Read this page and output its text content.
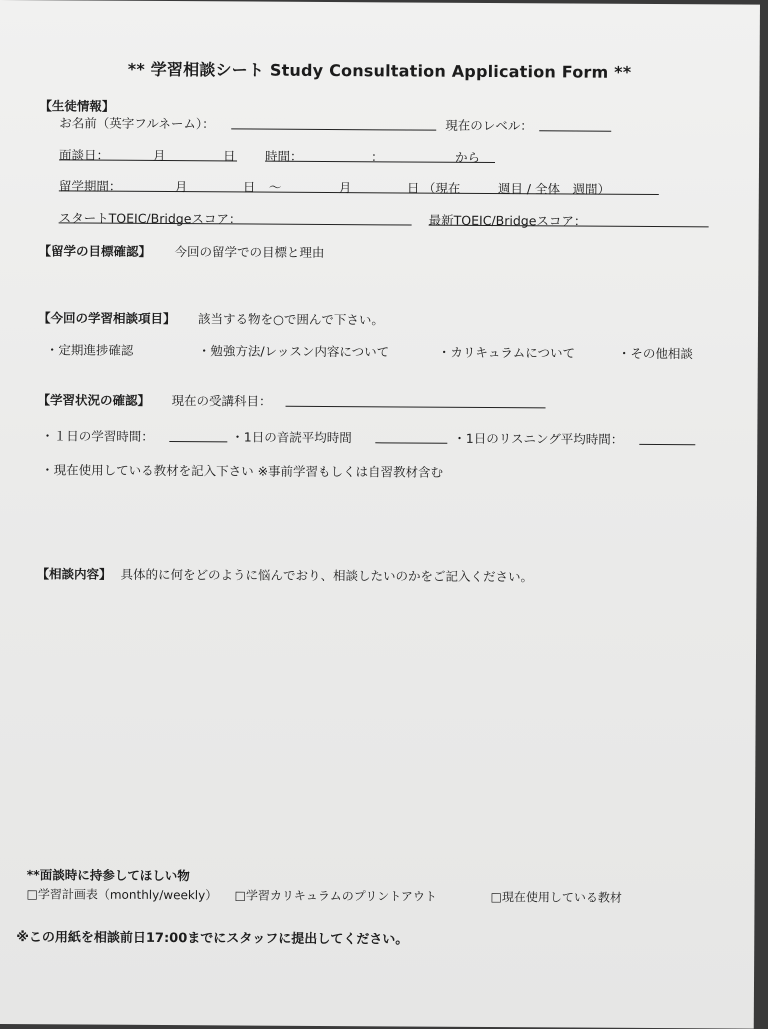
** 学習相談シート Study Consultation Application Form **
【生徒情報】
お名前（英字フルネーム）：	現在のレベル：
面談日：	月	日 時間：	：	から
留学期間：	月	日 〜	月	日 （現在　　　週目 / 全体　週間）
スタートTOEIC/Bridgeスコア：	最新TOEIC/Bridgeスコア：
【留学の目標確認】 今回の留学での目標と理由
【今回の学習相談項目】 該当する物を○で囲んで下さい。
・定期進捗確認	・勉強方法/レッスン内容について	・カリキュラムについて	・その他相談
【学習状況の確認】 現在の受講科目：
・１日の学習時間：	・1日の音読平均時間	・1日のリスニング平均時間：
・現在使用している教材を記入下さい ※事前学習もしくは自習教材含む
【相談内容】 具体的に何をどのように悩んでおり、相談したいのかをご記入ください。
**面談時に持参してほしい物
□学習計画表（monthly/weekly） □学習カリキュラムのプリントアウト	□現在使用している教材
※この用紙を相談前日17:00までにスタッフに提出してください。
